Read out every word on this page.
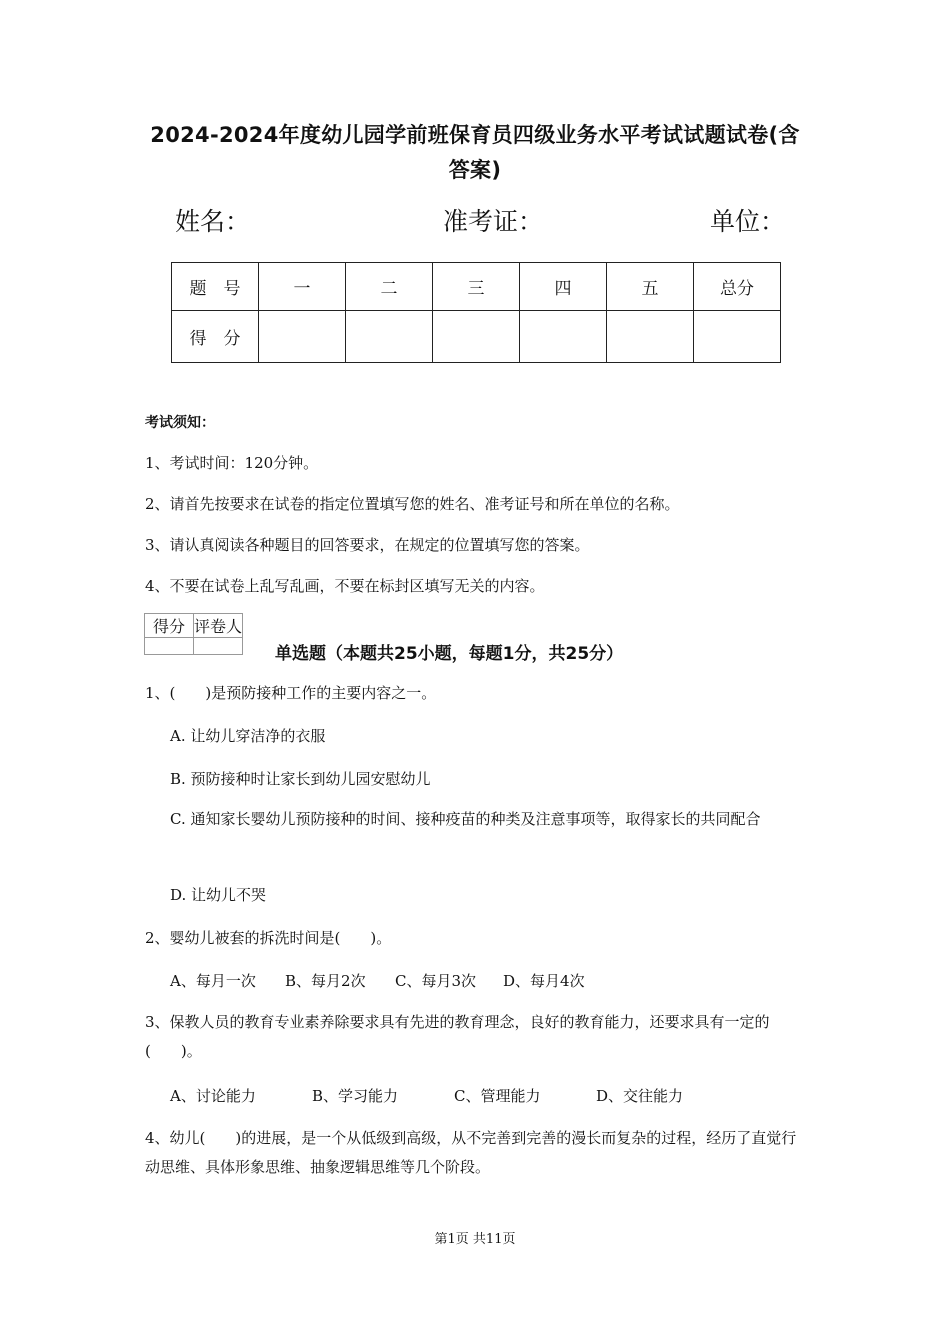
2024-2024年度幼儿园学前班保育员四级业务水平考试试题试卷(含
答案)
姓名：	准考证：	单位：
题　号	一	二	三	四	五	总分
得　分						
考试须知：
1、考试时间：120分钟。
2、请首先按要求在试卷的指定位置填写您的姓名、准考证号和所在单位的名称。
3、请认真阅读各种题目的回答要求，在规定的位置填写您的答案。
4、不要在试卷上乱写乱画，不要在标封区填写无关的内容。
得分	评卷人

单选题（本题共25小题，每题1分，共25分）
1、(　　)是预防接种工作的主要内容之一。
A. 让幼儿穿洁净的衣服
B. 预防接种时让家长到幼儿园安慰幼儿
C. 通知家长婴幼儿预防接种的时间、接种疫苗的种类及注意事项等，取得家长的共同配合
D. 让幼儿不哭
2、婴幼儿被套的拆洗时间是(　　)。
A、每月一次 B、每月2次 C、每月3次 D、每月4次
3、保教人员的教育专业素养除要求具有先进的教育理念，良好的教育能力，还要求具有一定的(　　)。
A、讨论能力	B、学习能力	C、管理能力	D、交往能力
4、幼儿(　　)的进展，是一个从低级到高级，从不完善到完善的漫长而复杂的过程，经历了直觉行动思维、具体形象思维、抽象逻辑思维等几个阶段。
第1页 共11页
